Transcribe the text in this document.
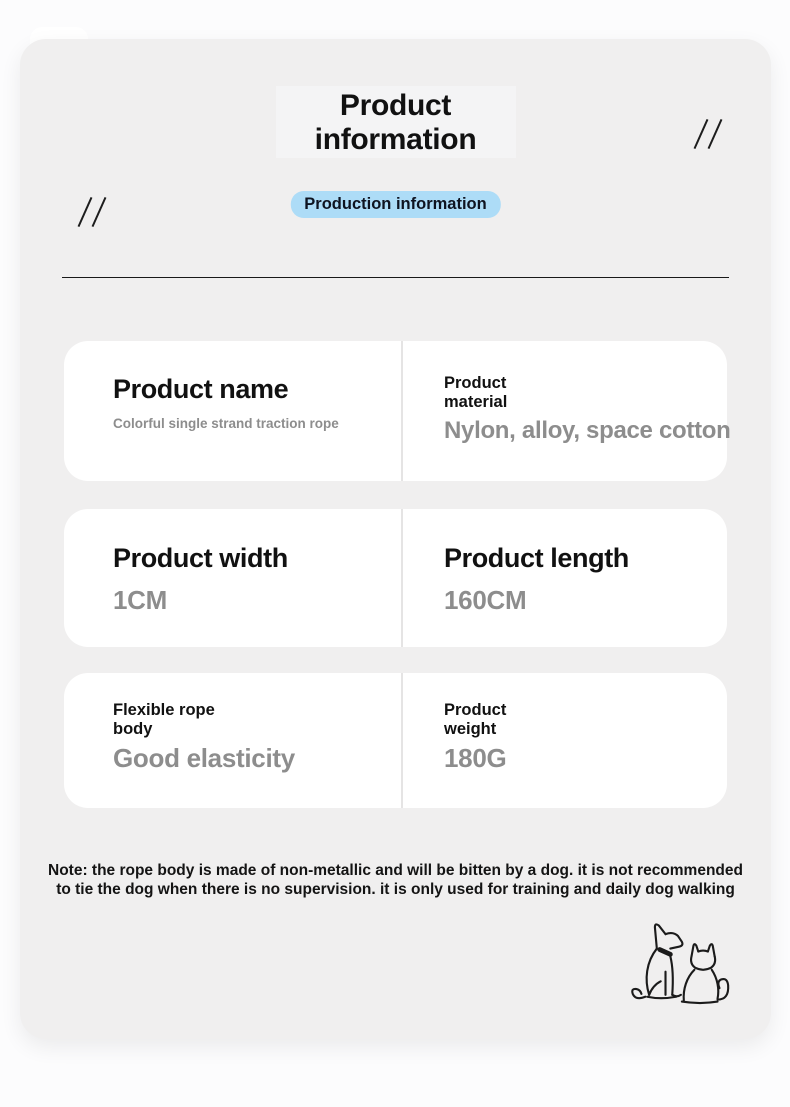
Product information
Production information
Product name
Colorful single strand traction rope
Product material
Nylon, alloy, space cotton
Product width
1CM
Product length
160CM
Flexible rope body
Good elasticity
Product weight
180G
Note: the rope body is made of non-metallic and will be bitten by a dog. it is not recommended to tie the dog when there is no supervision. it is only used for training and daily dog walking
